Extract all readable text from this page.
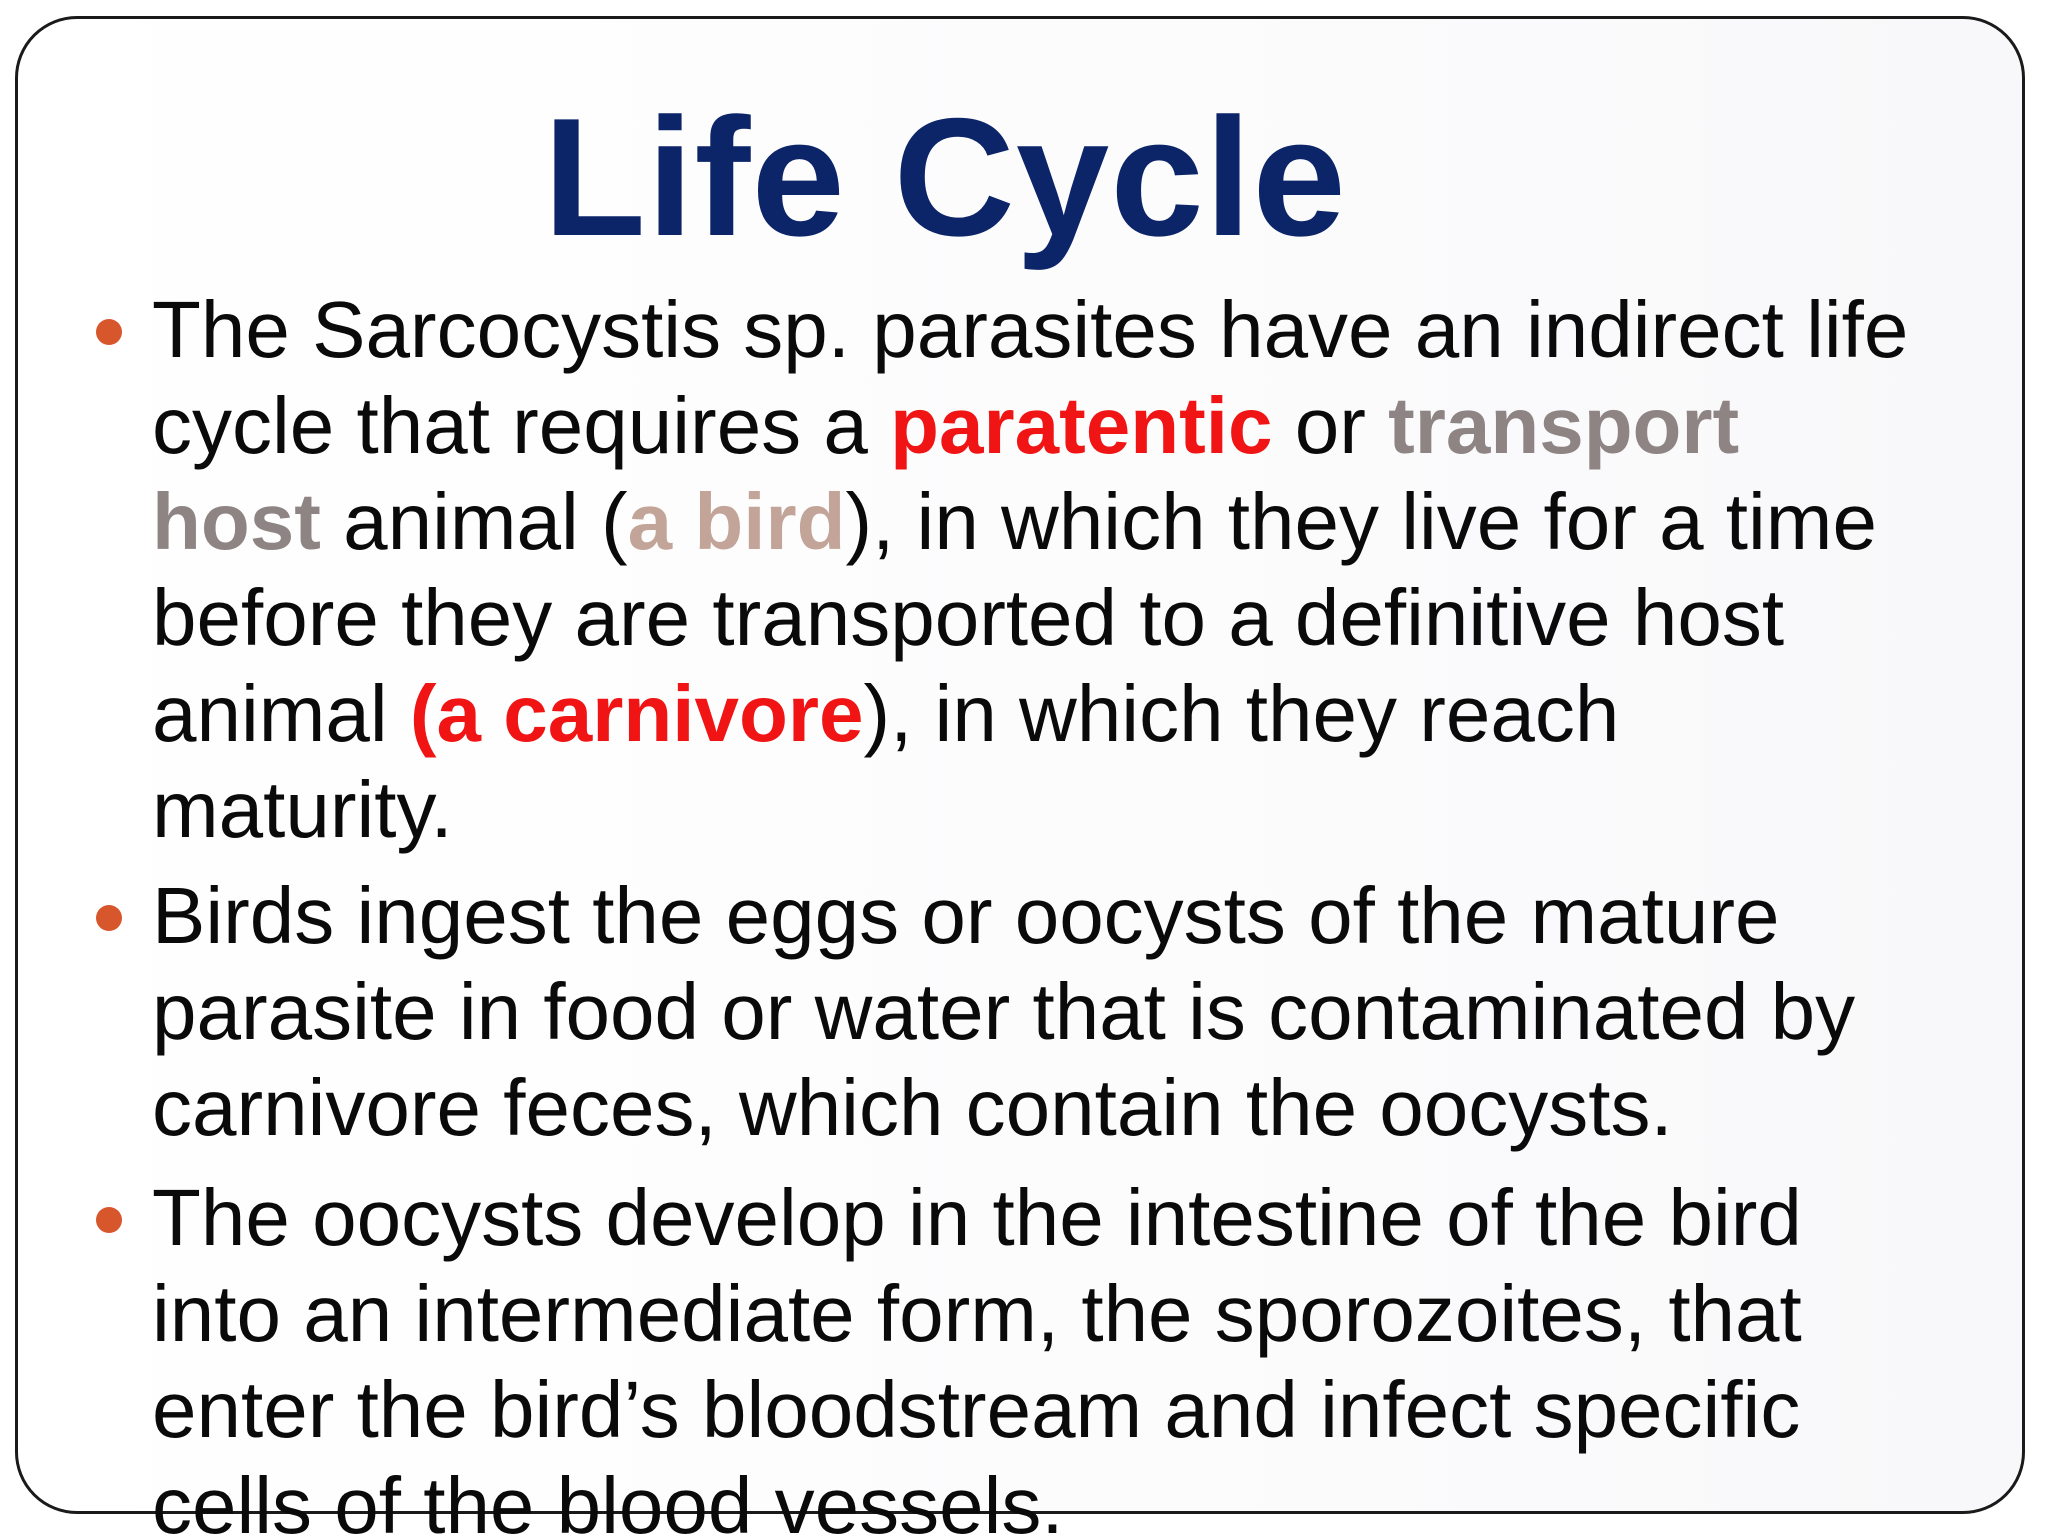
Life Cycle
The Sarcocystis sp. parasites have an indirect life
cycle that requires a paratentic or transport
host animal (a bird), in which they live for a time
before they are transported to a definitive host
animal (a carnivore), in which they reach
maturity.
Birds ingest the eggs or oocysts of the mature
parasite in food or water that is contaminated by
carnivore feces, which contain the oocysts.
The oocysts develop in the intestine of the bird
into an intermediate form, the sporozoites, that
enter the bird’s bloodstream and infect specific
cells of the blood vessels.
